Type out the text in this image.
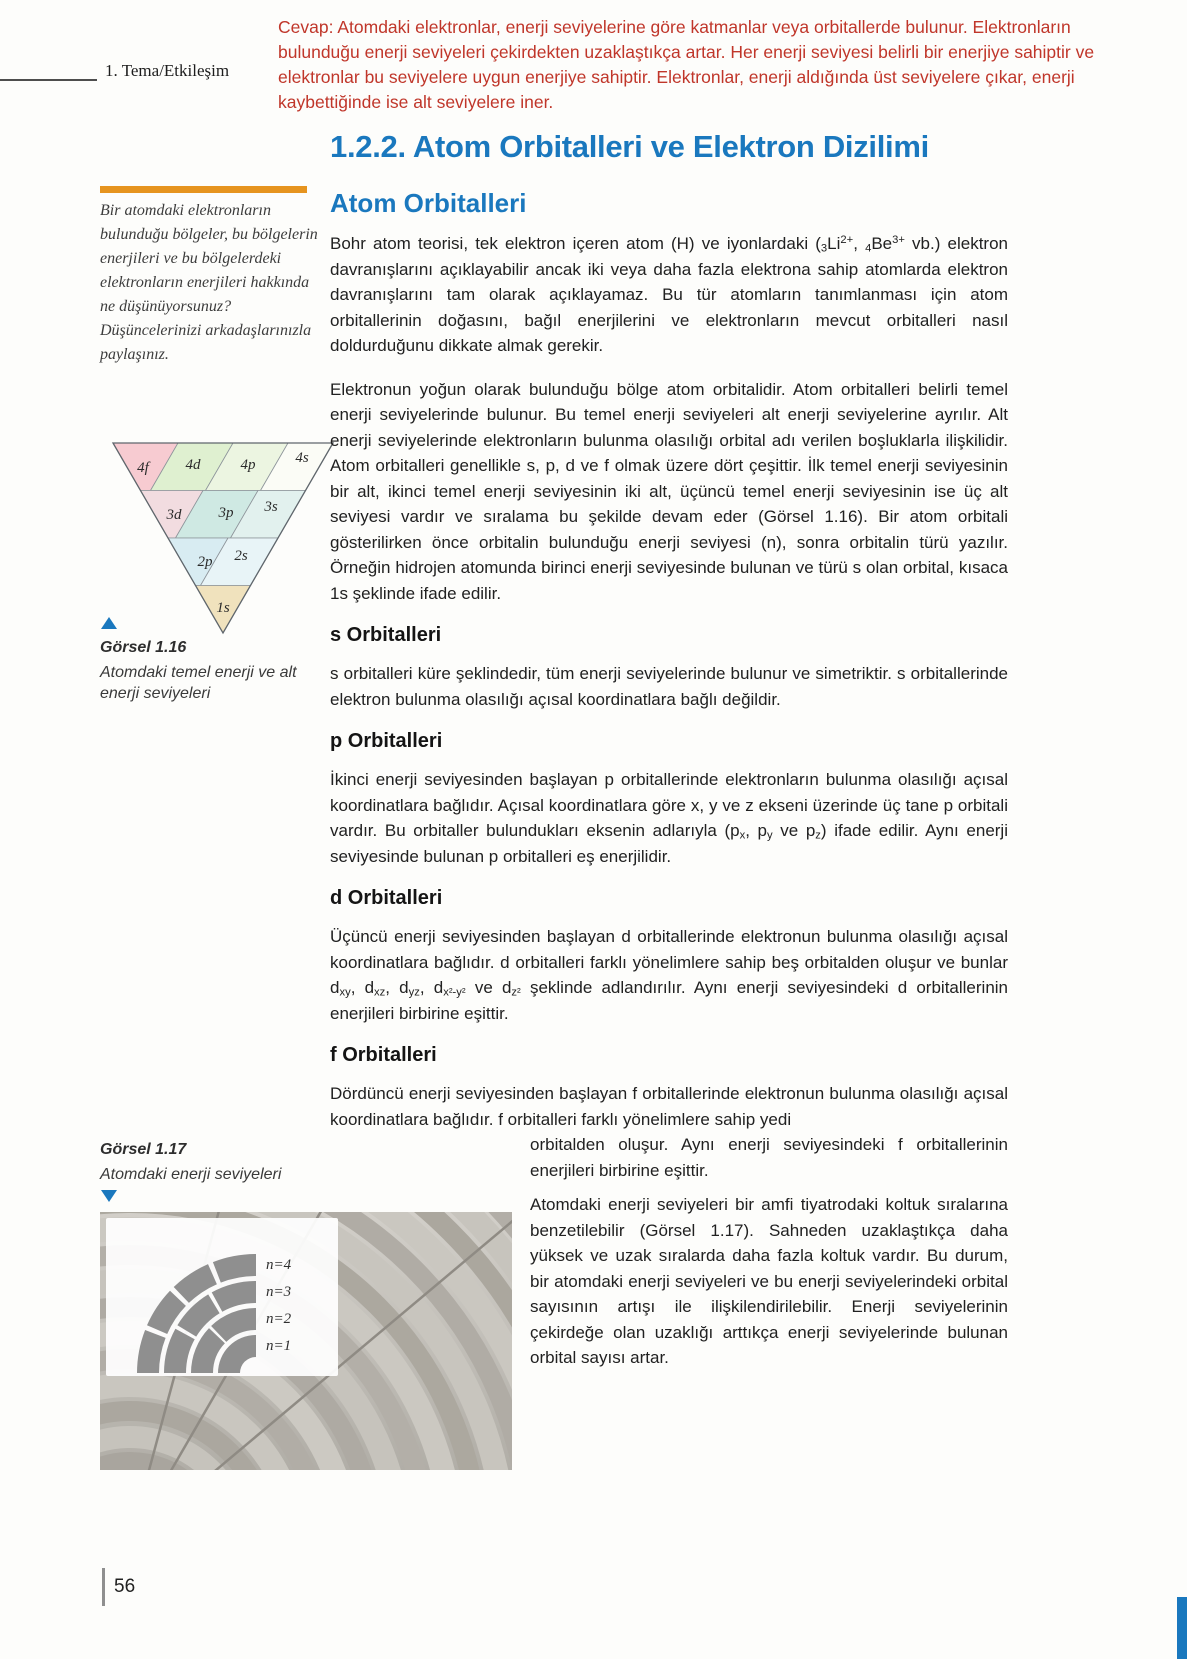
Cevap: Atomdaki elektronlar, enerji seviyelerine göre katmanlar veya orbitallerde bulunur. Elektronların bulunduğu enerji seviyeleri çekirdekten uzaklaştıkça artar. Her enerji seviyesi belirli bir enerjiye sahiptir ve elektronlar bu seviyelere uygun enerjiye sahiptir. Elektronlar, enerji aldığında üst seviyelere çıkar, enerji kaybettiğinde ise alt seviyelere iner.
1. Tema/Etkileşim
1.2.2. Atom Orbitalleri ve Elektron Dizilimi
Atom Orbitalleri
Bir atomdaki elektronların bulunduğu bölgeler, bu bölgelerin enerjileri ve bu bölgelerdeki elektronların enerjileri hakkında ne düşünüyorsunuz? Düşüncelerinizi arkadaşlarınızla paylaşınız.
4f 4d	4p	4s
3d 3p 3s
2p 2s
1s
Görsel 1.16
Atomdaki temel enerji ve alt enerji seviyeleri

Bohr atom teorisi, tek elektron içeren atom (H) ve iyonlardaki ($_3Li^{2+}$, $_4Be^{3+}$ vb.) elektron davranışlarını açıklayabilir ancak iki veya daha fazla elektrona sahip atomlarda elektron davranışlarını tam olarak açıklayamaz. Bu tür atomların tanımlanması için atom orbitallerinin doğasını, bağıl enerjilerini ve elektronların mevcut orbitalleri nasıl doldurduğunu dikkate almak gerekir.

Elektronun yoğun olarak bulunduğu bölge atom orbitalidir. Atom orbitalleri belirli temel enerji seviyelerinde bulunur. Bu temel enerji seviyeleri alt enerji seviyelerine ayrılır. Alt enerji seviyelerinde elektronların bulunma olasılığı orbital adı verilen boşluklarla ilişkilidir. Atom orbitalleri genellikle s, p, d ve f olmak üzere dört çeşittir. İlk temel enerji seviyesinin bir alt, ikinci temel enerji seviyesinin iki alt, üçüncü temel enerji seviyesinin ise üç alt seviyesi vardır ve sıralama bu şekilde devam eder (Görsel 1.16). Bir atom orbitali gösterilirken önce orbitalin bulunduğu enerji seviyesi (n), sonra orbitalin türü yazılır. Örneğin hidrojen atomunda birinci enerji seviyesinde bulunan ve türü s olan orbital, kısaca 1s şeklinde ifade edilir.

s Orbitalleri

s orbitalleri küre şeklindedir, tüm enerji seviyelerinde bulunur ve simetriktir. s orbitallerinde elektron bulunma olasılığı açısal koordinatlara bağlı değildir.

p Orbitalleri

İkinci enerji seviyesinden başlayan p orbitallerinde elektronların bulunma olasılığı açısal koordinatlara bağlıdır. Açısal koordinatlara göre x, y ve z ekseni üzerinde üç tane p orbitali vardır. Bu orbitaller bulundukları eksenin adlarıyla ($p_x$, $p_y$ ve $p_z$) ifade edilir. Aynı enerji seviyesinde bulunan p orbitalleri eş enerjilidir.

d Orbitalleri

Üçüncü enerji seviyesinden başlayan d orbitallerinde elektronun bulunma olasılığı açısal koordinatlara bağlıdır. d orbitalleri farklı yönelimlere sahip beş orbitalden oluşur ve bunlar $d_{xy}$, $d_{xz}$, $d_{yz}$, $d_{x^2-y^2}$ ve $d_{z^2}$ şeklinde adlandırılır. Aynı enerji seviyesindeki d orbitallerinin enerjileri birbirine eşittir.

f Orbitalleri

Dördüncü enerji seviyesinden başlayan f orbitallerinde elektronun bulunma olasılığı açısal koordinatlara bağlıdır. f orbitalleri farklı yönelimlere sahip yedi

orbitalden oluşur. Aynı enerji seviyesindeki f orbitallerinin enerjileri birbirine eşittir.

Atomdaki enerji seviyeleri bir amfi tiyatrodaki koltuk sıralarına benzetilebilir (Görsel 1.17). Sahneden uzaklaştıkça daha yüksek ve uzak sıralarda daha fazla koltuk vardır. Bu durum, bir atomdaki enerji seviyeleri ve bu enerji seviyelerindeki orbital sayısının artışı ile ilişkilendirilebilir. Enerji seviyelerinin çekirdeğe olan uzaklığı arttıkça enerji seviyelerinde bulunan orbital sayısı artar.

Görsel 1.17
Atomdaki enerji seviyeleri
n=4
n=3
n=2
n=1
56
